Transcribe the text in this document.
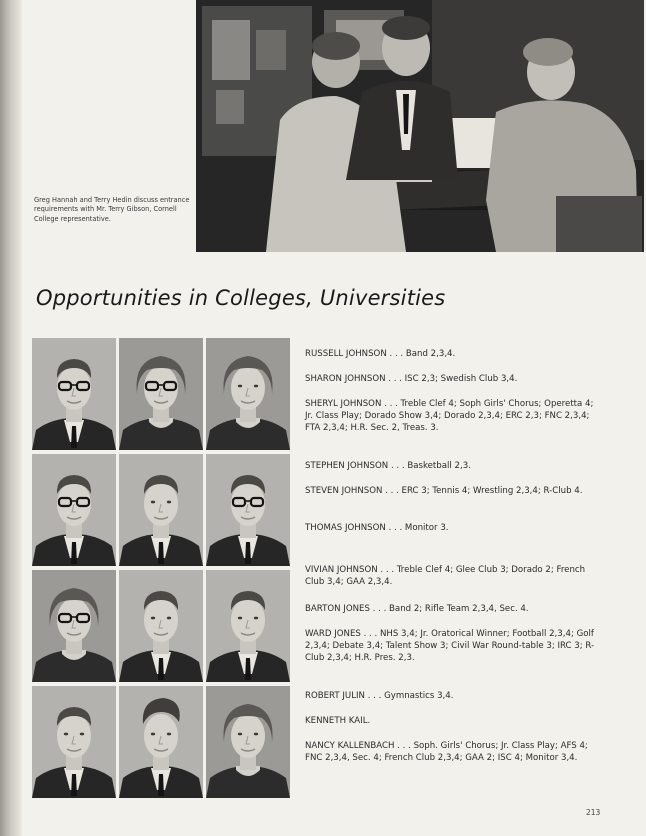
Greg Hannah and Terry Hedin discuss entrance requirements with Mr. Terry Gibson, Cornell College representative.
Opportunities in Colleges, Universities
RUSSELL JOHNSON . . . Band 2,3,4.
SHARON JOHNSON . . . ISC 2,3; Swedish Club 3,4.
SHERYL JOHNSON . . . Treble Clef 4; Soph Girls' Chorus; Operetta 4; Jr. Class Play; Dorado Show 3,4; Dorado 2,3,4; ERC 2,3; FNC 2,3,4; FTA 2,3,4; H.R. Sec. 2, Treas. 3.
STEPHEN JOHNSON . . . Basketball 2,3.
STEVEN JOHNSON . . . ERC 3; Tennis 4; Wrestling 2,3,4; R-Club 4.
THOMAS JOHNSON . . . Monitor 3.
VIVIAN JOHNSON . . . Treble Clef 4; Glee Club 3; Dorado 2; French Club 3,4; GAA 2,3,4.
BARTON JONES . . . Band 2; Rifle Team 2,3,4, Sec. 4.
WARD JONES . . . NHS 3,4; Jr. Oratorical Winner; Football 2,3,4; Golf 2,3,4; Debate 3,4; Talent Show 3; Civil War Round-table 3; IRC 3; R-Club 2,3,4; H.R. Pres. 2,3.
ROBERT JULIN . . . Gymnastics 3,4.
KENNETH KAIL.
NANCY KALLENBACH . . . Soph. Girls' Chorus; Jr. Class Play; AFS 4; FNC 2,3,4, Sec. 4; French Club 2,3,4; GAA 2; ISC 4; Monitor 3,4.
213
